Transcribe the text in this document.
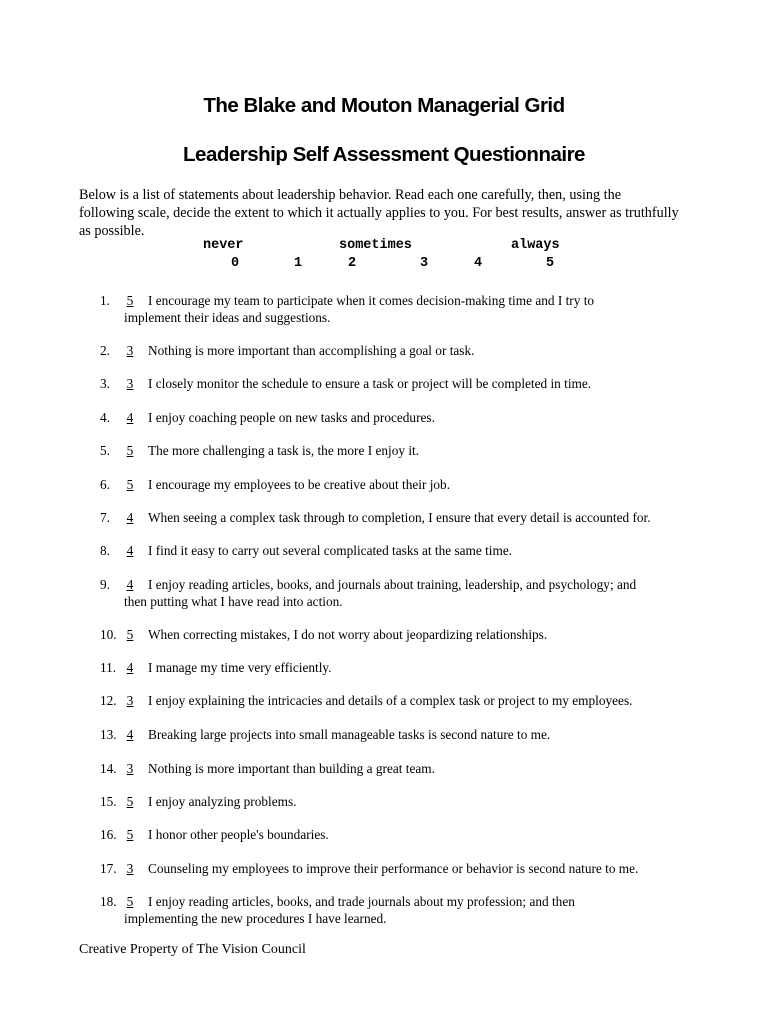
The Blake and Mouton Managerial Grid
Leadership Self Assessment Questionnaire
Below is a list of statements about leadership behavior. Read each one carefully, then, using the following scale, decide the extent to which it actually applies to you. For best results, answer as truthfully as possible.
never	sometimes	always
0	1	2	3	4	5
1.	5 I encourage my team to participate when it comes decision-making time and I try to
implement their ideas and suggestions.
2.	3 Nothing is more important than accomplishing a goal or task.
3.	3 I closely monitor the schedule to ensure a task or project will be completed in time.
4.	4 I enjoy coaching people on new tasks and procedures.
5.	5 The more challenging a task is, the more I enjoy it.
6.	5 I encourage my employees to be creative about their job.
7.	4 When seeing a complex task through to completion, I ensure that every detail is accounted for.
8.	4 I find it easy to carry out several complicated tasks at the same time.
9.	4 I enjoy reading articles, books, and journals about training, leadership, and psychology; and
then putting what I have read into action.
10. 5 When correcting mistakes, I do not worry about jeopardizing relationships.
11. 4 I manage my time very efficiently.
12. 3 I enjoy explaining the intricacies and details of a complex task or project to my employees.
13. 4 Breaking large projects into small manageable tasks is second nature to me.
14. 3 Nothing is more important than building a great team.
15. 5 I enjoy analyzing problems.
16. 5 I honor other people's boundaries.
17. 3 Counseling my employees to improve their performance or behavior is second nature to me.
18. 5 I enjoy reading articles, books, and trade journals about my profession; and then
implementing the new procedures I have learned.
Creative Property of The Vision Council
